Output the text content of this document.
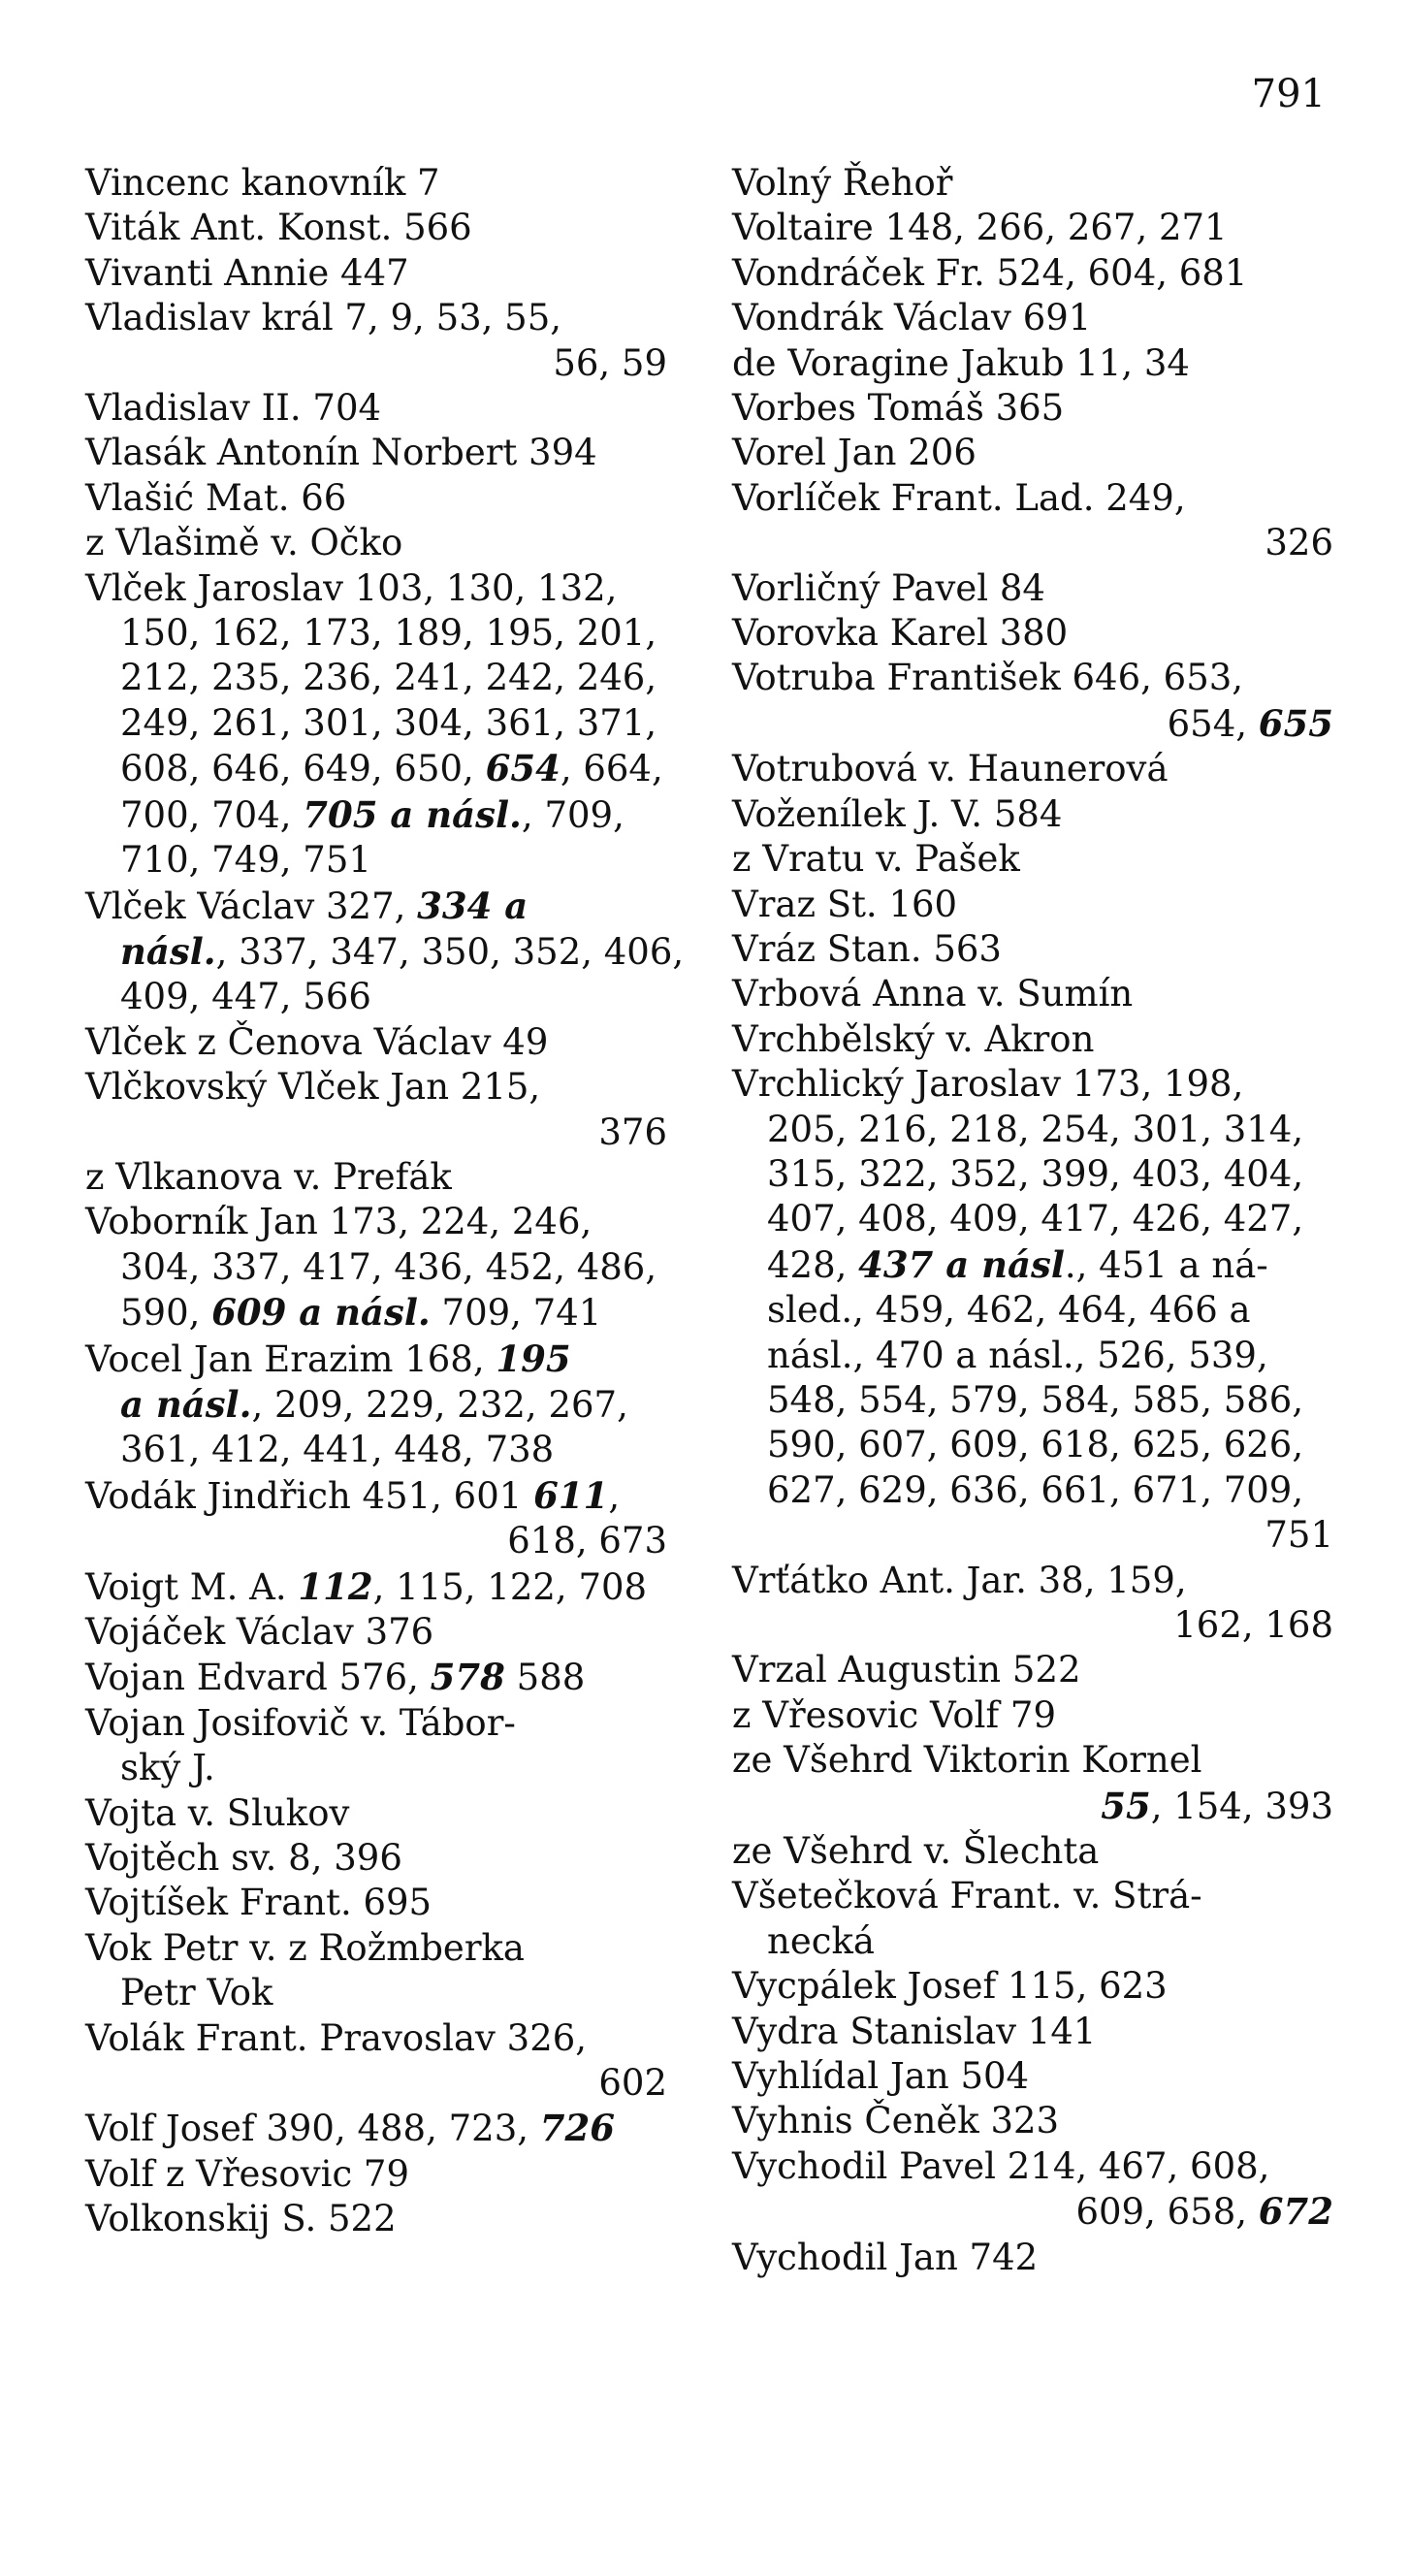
791
Vincenc kanovník 7
Viták Ant. Konst. 566
Vivanti Annie 447
Vladislav král 7, 9, 53, 55,
56, 59
Vladislav II. 704
Vlasák Antonín Norbert 394
Vlašić Mat. 66
z Vlašimě v. Očko
Vlček Jaroslav 103, 130, 132,
150, 162, 173, 189, 195, 201,
212, 235, 236, 241, 242, 246,
249, 261, 301, 304, 361, 371,
608, 646, 649, 650, 654, 664,
700, 704, 705 a násl., 709,
710, 749, 751
Vlček Václav 327, 334 a
násl., 337, 347, 350, 352, 406,
409, 447, 566
Vlček z Čenova Václav 49
Vlčkovský Vlček Jan 215,
376
z Vlkanova v. Prefák
Voborník Jan 173, 224, 246,
304, 337, 417, 436, 452, 486,
590, 609 a násl. 709, 741
Vocel Jan Erazim 168, 195
a násl., 209, 229, 232, 267,
361, 412, 441, 448, 738
Vodák Jindřich 451, 601 611,
618, 673
Voigt M. A. 112, 115, 122, 708
Vojáček Václav 376
Vojan Edvard 576, 578 588
Vojan Josifovič v. Tábor-
ský J.
Vojta v. Slukov
Vojtěch sv. 8, 396
Vojtíšek Frant. 695
Vok Petr v. z Rožmberka
Petr Vok
Volák Frant. Pravoslav 326,
602
Volf Josef 390, 488, 723, 726
Volf z Vřesovic 79
Volkonskij S. 522
Volný Řehoř
Voltaire 148, 266, 267, 271
Vondráček Fr. 524, 604, 681
Vondrák Václav 691
de Voragine Jakub 11, 34
Vorbes Tomáš 365
Vorel Jan 206
Vorlíček Frant. Lad. 249,
326
Vorličný Pavel 84
Vorovka Karel 380
Votruba František 646, 653,
654, 655
Votrubová v. Haunerová
Voženílek J. V. 584
z Vratu v. Pašek
Vraz St. 160
Vráz Stan. 563
Vrbová Anna v. Sumín
Vrchbělský v. Akron
Vrchlický Jaroslav 173, 198,
205, 216, 218, 254, 301, 314,
315, 322, 352, 399, 403, 404,
407, 408, 409, 417, 426, 427,
428, 437 a násl., 451 a ná-
sled., 459, 462, 464, 466 a
násl., 470 a násl., 526, 539,
548, 554, 579, 584, 585, 586,
590, 607, 609, 618, 625, 626,
627, 629, 636, 661, 671, 709,
751
Vrťátko Ant. Jar. 38, 159,
162, 168
Vrzal Augustin 522
z Vřesovic Volf 79
ze Všehrd Viktorin Kornel
55, 154, 393
ze Všehrd v. Šlechta
Všetečková Frant. v. Strá-
necká
Vycpálek Josef 115, 623
Vydra Stanislav 141
Vyhlídal Jan 504
Vyhnis Čeněk 323
Vychodil Pavel 214, 467, 608,
609, 658, 672
Vychodil Jan 742
